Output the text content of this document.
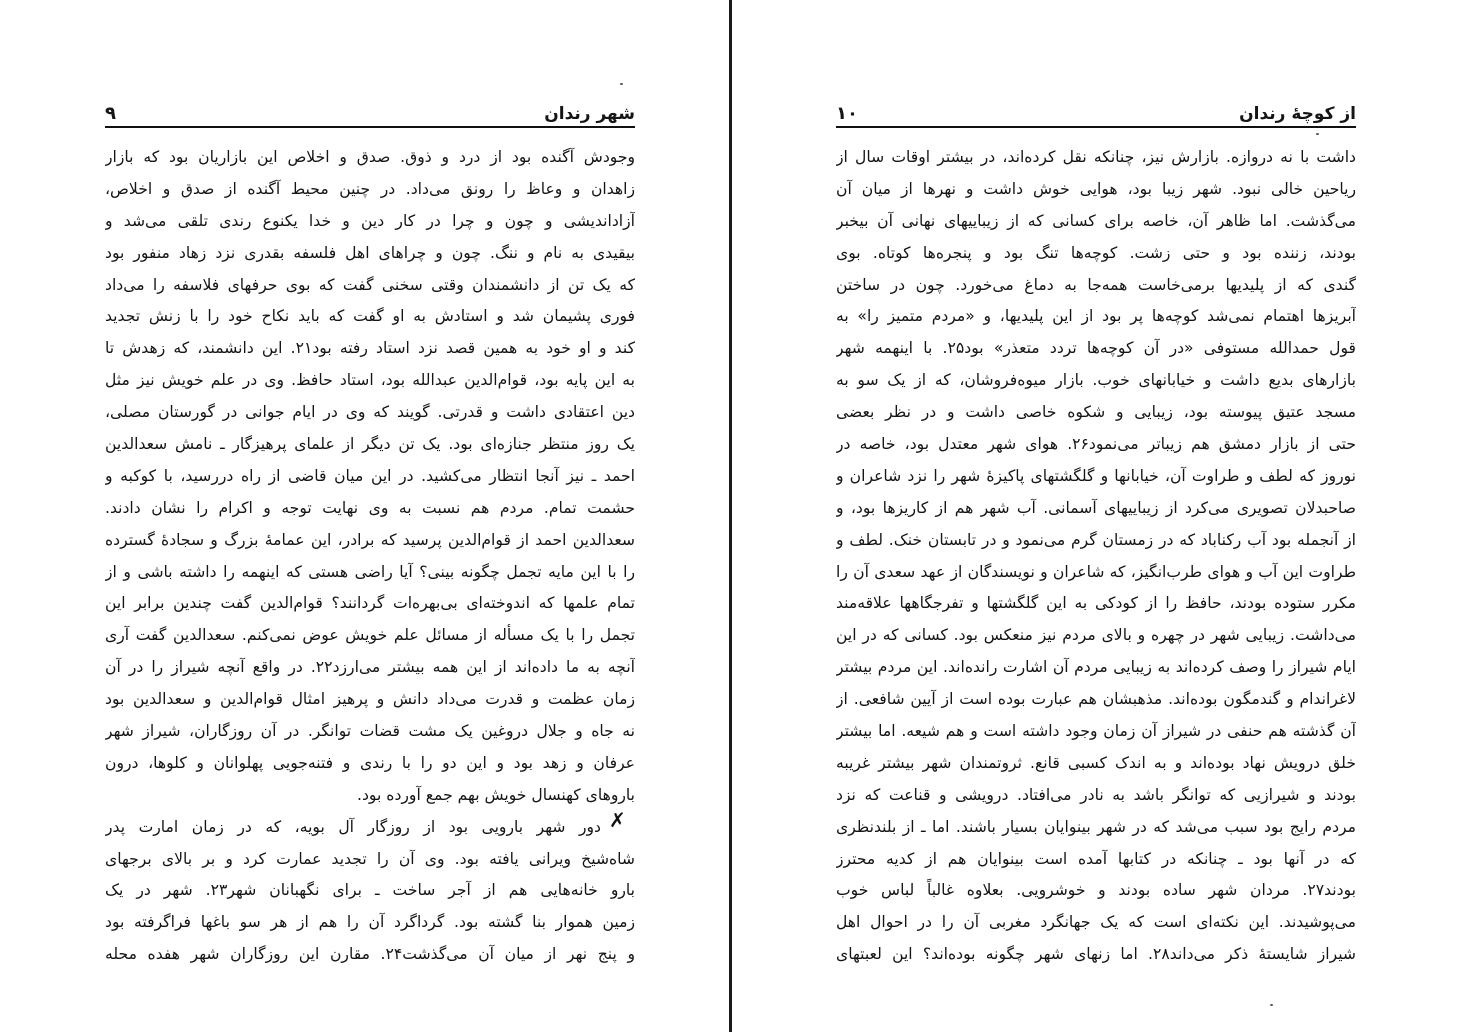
شهر رندان
۹
وجودش آگنده بود از درد و ذوق. صدق و اخلاص این بازاریان بود که بازار
زاهدان و وعاظ را رونق می‌داد. در چنین محیط آگنده از صدق و اخلاص،
آزاداندیشی و چون و چرا در کار دین و خدا یکنوع رندی تلقی می‌شد و
بیقیدی به نام و ننگ. چون و چراهای اهل فلسفه بقدری نزد زهاد منفور بود
که یک تن از دانشمندان وقتی سخنی گفت که بوی حرفهای فلاسفه را می‌داد
فوری پشیمان شد و استادش به او گفت که باید نکاح خود را با زنش تجدید
کند و او خود به همین قصد نزد استاد رفته بود۲۱. این دانشمند، که زهدش تا
به این پایه بود، قوام‌الدین عبدالله بود، استاد حافظ. وی در علم خویش نیز مثل
دین اعتقادی داشت و قدرتی. گویند که وی در ایام جوانی در گورستان مصلی،
یک روز منتظر جنازه‌ای بود. یک تن دیگر از علمای پرهیزگار ـ نامش سعدالدین
احمد ـ نیز آنجا انتظار می‌کشید. در این میان قاضی از راه دررسید، با کوکبه و
حشمت تمام. مردم هم نسبت به وی نهایت توجه و اکرام را نشان دادند.
سعدالدین احمد از قوام‌الدین پرسید که برادر، این عمامهٔ بزرگ و سجادهٔ گسترده
را با این مایه تجمل چگونه بینی؟ آیا راضی هستی که اینهمه را داشته باشی و از
تمام علمها که اندوخته‌ای بی‌بهره‌ات گردانند؟ قوام‌الدین گفت چندین برابر این
تجمل را با یک مسأله از مسائل علم خویش عوض نمی‌کنم. سعدالدین گفت آری
آنچه به ما داده‌اند از این همه بیشتر می‌ارزد۲۲. در واقع آنچه شیراز را در آن
زمان عظمت و قدرت می‌داد دانش و پرهیز امثال قوام‌الدین و سعدالدین بود
نه جاه و جلال دروغین یک مشت قضات توانگر. در آن روزگاران، شیراز شهر
عرفان و زهد بود و این دو را با رندی و فتنه‌جویی پهلوانان و کلوها، درون
باروهای کهنسال خویش بهم جمع آورده بود.
دور شهر بارویی بود از روزگار آل بویه، که در زمان امارت پدر
شاه‌شیخ ویرانی یافته بود. وی آن را تجدید عمارت کرد و بر بالای برجهای
بارو خانه‌هایی هم از آجر ساخت ـ برای نگهبانان شهر۲۳. شهر در یک
زمین هموار بنا گشته بود. گرداگرد آن را هم از هر سو باغها فراگرفته بود
و پنج نهر از میان آن می‌گذشت۲۴. مقارن این روزگاران شهر هفده محله
✗
از کوچهٔ رندان
۱۰
داشت با نه دروازه. بازارش نیز، چنانکه نقل کرده‌اند، در بیشتر اوقات سال از
ریاحین خالی نبود. شهر زیبا بود، هوایی خوش داشت و نهرها از میان آن
می‌گذشت. اما ظاهر آن، خاصه برای کسانی که از زیباییهای نهانی آن بیخبر
بودند، زننده بود و حتی زشت. کوچه‌ها تنگ بود و پنجره‌ها کوتاه. بوی
گندی که از پلیدیها برمی‌خاست همه‌جا به دماغ می‌خورد. چون در ساختن
آبریزها اهتمام نمی‌شد کوچه‌ها پر بود از این پلیدیها، و «مردم متمیز را» به
قول حمدالله مستوفی «در آن کوچه‌ها تردد متعذر» بود۲۵. با اینهمه شهر
بازارهای بدیع داشت و خیابانهای خوب. بازار میوه‌فروشان، که از یک سو به
مسجد عتیق پیوسته بود، زیبایی و شکوه خاصی داشت و در نظر بعضی
حتی از بازار دمشق هم زیباتر می‌نمود۲۶. هوای شهر معتدل بود، خاصه در
نوروز که لطف و طراوت آن، خیابانها و گلگشتهای پاکیزهٔ شهر را نزد شاعران و
صاحبدلان تصویری می‌کرد از زیباییهای آسمانی. آب شهر هم از کاریزها بود، و
از آنجمله بود آب رکناباد که در زمستان گرم می‌نمود و در تابستان خنک. لطف و
طراوت این آب و هوای طرب‌انگیز، که شاعران و نویسندگان از عهد سعدی آن را
مکرر ستوده بودند، حافظ را از کودکی به این گلگشتها و تفرجگاهها علاقه‌مند
می‌داشت. زیبایی شهر در چهره و بالای مردم نیز منعکس بود. کسانی که در این
ایام شیراز را وصف کرده‌اند به زیبایی مردم آن اشارت رانده‌اند. این مردم بیشتر
لاغراندام و گندمگون بوده‌اند. مذهبشان هم عبارت بوده است از آیین شافعی. از
آن گذشته هم حنفی در شیراز آن زمان وجود داشته است و هم شیعه. اما بیشتر
خلق درویش نهاد بوده‌اند و به اندک کسبی قانع. ثروتمندان شهر بیشتر غریبه
بودند و شیرازیی که توانگر باشد به نادر می‌افتاد. درویشی و قناعت که نزد
مردم رایج بود سبب می‌شد که در شهر بینوایان بسیار باشند. اما ـ از بلندنظری
که در آنها بود ـ چنانکه در کتابها آمده است بینوایان هم از کدیه محترز
بودند۲۷. مردان شهر ساده بودند و خوشرویی. بعلاوه غالباً لباس خوب
می‌پوشیدند. این نکته‌ای است که یک جهانگرد مغربی آن را در احوال اهل
شیراز شایستهٔ ذکر می‌داند۲۸. اما زنهای شهر چگونه بوده‌اند؟ این لعبتهای
